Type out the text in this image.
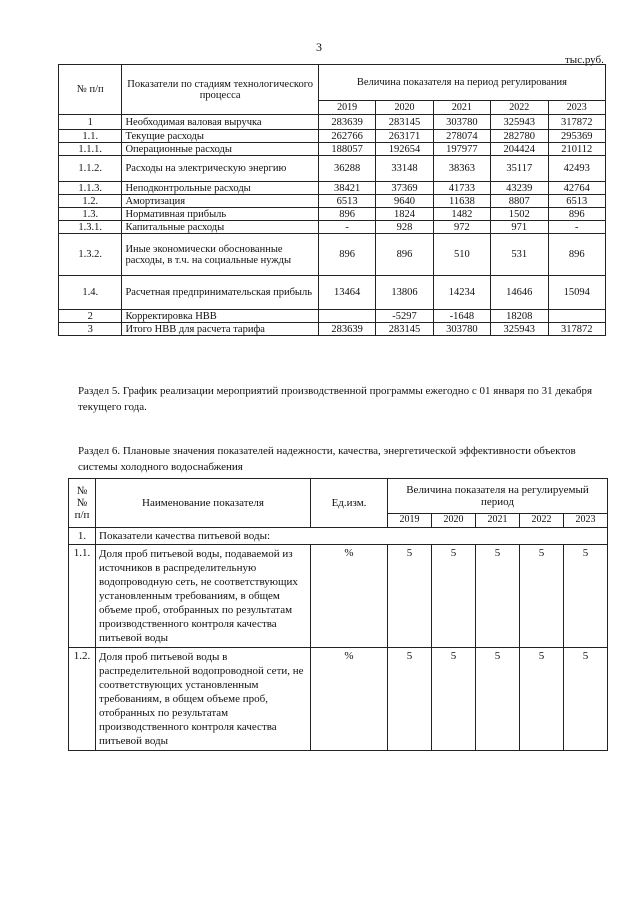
3
тыс.руб.
№ п/п	Показатели по стадиям технологического процесса	Величина показателя на период регулирования				
		2019	2020	2021	2022	2023
1	Необходимая валовая выручка	283639	283145	303780	325943	317872
1.1.	Текущие расходы	262766	263171	278074	282780	295369
1.1.1.	Операционные расходы	188057	192654	197977	204424	210112
1.1.2.	Расходы на электрическую энергию	36288	33148	38363	35117	42493
1.1.3.	Неподконтрольные расходы	38421	37369	41733	43239	42764
1.2.	Амортизация	6513	9640	11638	8807	6513
1.3.	Нормативная прибыль	896	1824	1482	1502	896
1.3.1.	Капитальные расходы	-	928	972	971	-
1.3.2.	Иные экономически обоснованные расходы, в т.ч. на социальные нужды	896	896	510	531	896
1.4.	Расчетная предпринимательская прибыль	13464	13806	14234	14646	15094
2	Корректировка НВВ		-5297	-1648	18208	
3	Итого НВВ для расчета тарифа	283639	283145	303780	325943	317872
Раздел 5. График реализации мероприятий производственной программы ежегодно с 01 января по 31 декабря текущего года.
Раздел 6. Плановые значения показателей надежности, качества, энергетической эффективности объектов системы холодного водоснабжения
№№ п/п	Наименование показателя	Ед.изм.	Величина показателя на регулируемый период				
			2019	2020	2021	2022	2023
1.	Показатели качества питьевой воды:						
1.1.	Доля проб питьевой воды, подаваемой из источников в распределительную водопроводную сеть, не соответствующих установленным требованиям, в общем объеме проб, отобранных по результатам производственного контроля качества питьевой воды	%	5	5	5	5	5
1.2.	Доля проб питьевой воды в распределительной водопроводной сети, не соответствующих установленным требованиям, в общем объеме проб, отобранных по результатам производственного контроля качества питьевой воды	%	5	5	5	5	5
